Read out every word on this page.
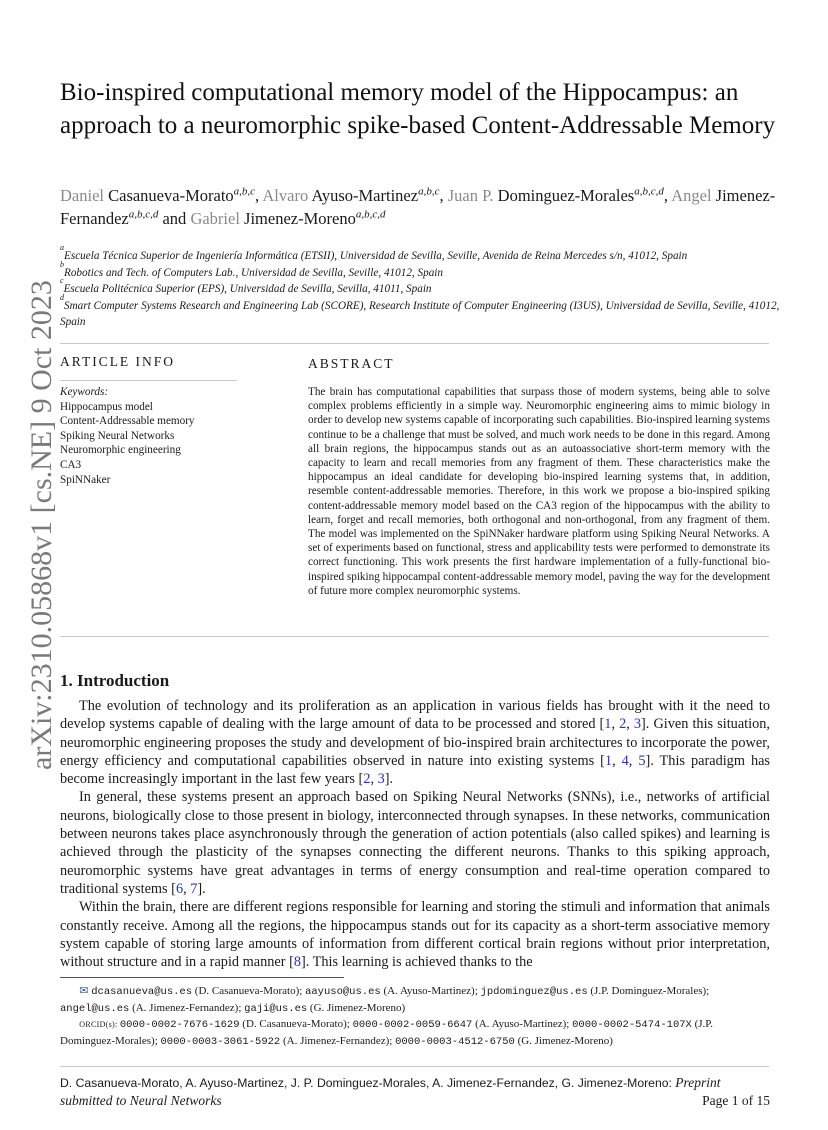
arXiv:2310.05868v1 [cs.NE] 9 Oct 2023
Bio-inspired computational memory model of the Hippocampus: an approach to a neuromorphic spike-based Content-Addressable Memory
Daniel Casanueva-Morato$^{a,b,c}$, Alvaro Ayuso-Martinez$^{a,b,c}$, Juan P. Dominguez-Morales$^{a,b,c,d}$, Angel Jimenez-Fernandez$^{a,b,c,d}$ and Gabriel Jimenez-Moreno$^{a,b,c,d}$
$^a$Escuela Técnica Superior de Ingeniería Informática (ETSII), Universidad de Sevilla, Seville, Avenida de Reina Mercedes s/n, 41012, Spain
$^b$Robotics and Tech. of Computers Lab., Universidad de Sevilla, Seville, 41012, Spain
$^c$Escuela Politécnica Superior (EPS), Universidad de Sevilla, Sevilla, 41011, Spain
$^d$Smart Computer Systems Research and Engineering Lab (SCORE), Research Institute of Computer Engineering (I3US), Universidad de Sevilla, Seville, 41012, Spain
ARTICLE INFO	ABSTRACT
Keywords:
Hippocampus model
Content-Addressable memory
Spiking Neural Networks
Neuromorphic engineering
CA3
SpiNNaker
The brain has computational capabilities that surpass those of modern systems, being able to solve complex problems efficiently in a simple way. Neuromorphic engineering aims to mimic biology in order to develop new systems capable of incorporating such capabilities. Bio-inspired learning systems continue to be a challenge that must be solved, and much work needs to be done in this regard. Among all brain regions, the hippocampus stands out as an autoassociative short-term memory with the capacity to learn and recall memories from any fragment of them. These characteristics make the hippocampus an ideal candidate for developing bio-inspired learning systems that, in addition, resemble content-addressable memories. Therefore, in this work we propose a bio-inspired spiking content-addressable memory model based on the CA3 region of the hippocampus with the ability to learn, forget and recall memories, both orthogonal and non-orthogonal, from any fragment of them. The model was implemented on the SpiNNaker hardware platform using Spiking Neural Networks. A set of experiments based on functional, stress and applicability tests were performed to demonstrate its correct functioning. This work presents the first hardware implementation of a fully-functional bio-inspired spiking hippocampal content-addressable memory model, paving the way for the development of future more complex neuromorphic systems.
1. Introduction

The evolution of technology and its proliferation as an application in various fields has brought with it the need to develop systems capable of dealing with the large amount of data to be processed and stored [1, 2, 3]. Given this situation, neuromorphic engineering proposes the study and development of bio-inspired brain architectures to incorporate the power, energy efficiency and computational capabilities observed in nature into existing systems [1, 4, 5]. This paradigm has become increasingly important in the last few years [2, 3].

In general, these systems present an approach based on Spiking Neural Networks (SNNs), i.e., networks of artificial neurons, biologically close to those present in biology, interconnected through synapses. In these networks, communication between neurons takes place asynchronously through the generation of action potentials (also called spikes) and learning is achieved through the plasticity of the synapses connecting the different neurons. Thanks to this spiking approach, neuromorphic systems have great advantages in terms of energy consumption and real-time operation compared to traditional systems [6, 7].

Within the brain, there are different regions responsible for learning and storing the stimuli and information that animals constantly receive. Among all the regions, the hippocampus stands out for its capacity as a short-term associative memory system capable of storing large amounts of information from different cortical brain regions without prior interpretation, without structure and in a rapid manner [8]. This learning is achieved thanks to the

✉ dcasanueva@us.es (D. Casanueva-Morato); aayuso@us.es (A. Ayuso-Martinez); jpdominguez@us.es (J.P. Dominguez-Morales); angel@us.es (A. Jimenez-Fernandez); gaji@us.es (G. Jimenez-Moreno)
ORCID(s): 0000-0002-7676-1629 (D. Casanueva-Morato); 0000-0002-0059-6647 (A. Ayuso-Martinez); 0000-0002-5474-107X (J.P. Dominguez-Morales); 0000-0003-3061-5922 (A. Jimenez-Fernandez); 0000-0003-4512-6750 (G. Jimenez-Moreno)
D. Casanueva-Morato, A. Ayuso-Martinez, J. P. Dominguez-Morales, A. Jimenez-Fernandez, G. Jimenez-Moreno: Preprint
submitted to Neural Networks	Page 1 of 15
